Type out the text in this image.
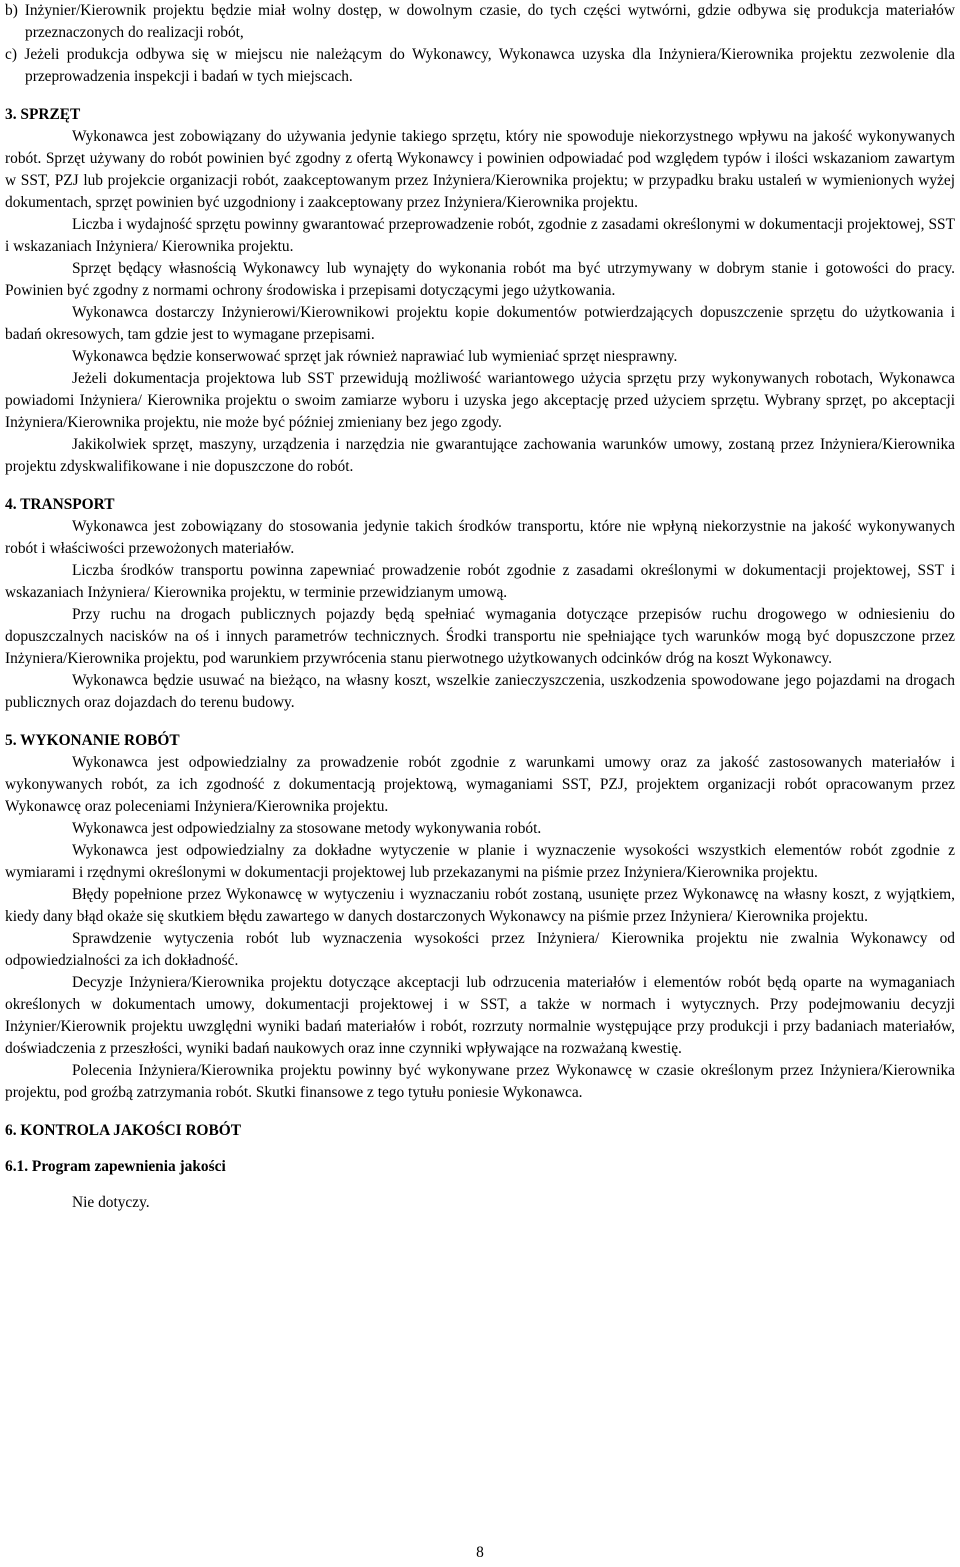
b) Inżynier/Kierownik projektu będzie miał wolny dostęp, w dowolnym czasie, do tych części wytwórni, gdzie odbywa się produkcja materiałów przeznaczonych do realizacji robót,

c) Jeżeli produkcja odbywa się w miejscu nie należącym do Wykonawcy, Wykonawca uzyska dla Inżyniera/Kierownika projektu zezwolenie dla przeprowadzenia inspekcji i badań w tych miejscach.

3. SPRZĘT

Wykonawca jest zobowiązany do używania jedynie takiego sprzętu, który nie spowoduje niekorzystnego wpływu na jakość wykonywanych robót. Sprzęt używany do robót powinien być zgodny z ofertą Wykonawcy i powinien odpowiadać pod względem typów i ilości wskazaniom zawartym w SST, PZJ lub projekcie organizacji robót, zaakceptowanym przez Inżyniera/Kierownika projektu; w przypadku braku ustaleń w wymienionych wyżej dokumentach, sprzęt powinien być uzgodniony i zaakceptowany przez Inżyniera/Kierownika projektu.

Liczba i wydajność sprzętu powinny gwarantować przeprowadzenie robót, zgodnie z zasadami określonymi w dokumentacji projektowej, SST i wskazaniach Inżyniera/ Kierownika projektu.

Sprzęt będący własnością Wykonawcy lub wynajęty do wykonania robót ma być utrzymywany w dobrym stanie i gotowości do pracy. Powinien być zgodny z normami ochrony środowiska i przepisami dotyczącymi jego użytkowania.

Wykonawca dostarczy Inżynierowi/Kierownikowi projektu kopie dokumentów potwierdzających dopuszczenie sprzętu do użytkowania i badań okresowych, tam gdzie jest to wymagane przepisami.

Wykonawca będzie konserwować sprzęt jak również naprawiać lub wymieniać sprzęt niesprawny.

Jeżeli dokumentacja projektowa lub SST przewidują możliwość wariantowego użycia sprzętu przy wykonywanych robotach, Wykonawca powiadomi Inżyniera/ Kierownika projektu o swoim zamiarze wyboru i uzyska jego akceptację przed użyciem sprzętu. Wybrany sprzęt, po akceptacji Inżyniera/Kierownika projektu, nie może być później zmieniany bez jego zgody.

Jakikolwiek sprzęt, maszyny, urządzenia i narzędzia nie gwarantujące zachowania warunków umowy, zostaną przez Inżyniera/Kierownika projektu zdyskwalifikowane i nie dopuszczone do robót.

4. TRANSPORT

Wykonawca jest zobowiązany do stosowania jedynie takich środków transportu, które nie wpłyną niekorzystnie na jakość wykonywanych robót i właściwości przewożonych materiałów.

Liczba środków transportu powinna zapewniać prowadzenie robót zgodnie z zasadami określonymi w dokumentacji projektowej, SST i wskazaniach Inżyniera/ Kierownika projektu, w terminie przewidzianym umową.

Przy ruchu na drogach publicznych pojazdy będą spełniać wymagania dotyczące przepisów ruchu drogowego w odniesieniu do dopuszczalnych nacisków na oś i innych parametrów technicznych. Środki transportu nie spełniające tych warunków mogą być dopuszczone przez Inżyniera/Kierownika projektu, pod warunkiem przywrócenia stanu pierwotnego użytkowanych odcinków dróg na koszt Wykonawcy.

Wykonawca będzie usuwać na bieżąco, na własny koszt, wszelkie zanieczyszczenia, uszkodzenia spowodowane jego pojazdami na drogach publicznych oraz dojazdach do terenu budowy.

5. WYKONANIE ROBÓT

Wykonawca jest odpowiedzialny za prowadzenie robót zgodnie z warunkami umowy oraz za jakość zastosowanych materiałów i wykonywanych robót, za ich zgodność z dokumentacją projektową, wymaganiami SST, PZJ, projektem organizacji robót opracowanym przez Wykonawcę oraz poleceniami Inżyniera/Kierownika projektu.

Wykonawca jest odpowiedzialny za stosowane metody wykonywania robót.

Wykonawca jest odpowiedzialny za dokładne wytyczenie w planie i wyznaczenie wysokości wszystkich elementów robót zgodnie z wymiarami i rzędnymi określonymi w dokumentacji projektowej lub przekazanymi na piśmie przez Inżyniera/Kierownika projektu.

Błędy popełnione przez Wykonawcę w wytyczeniu i wyznaczaniu robót zostaną, usunięte przez Wykonawcę na własny koszt, z wyjątkiem, kiedy dany błąd okaże się skutkiem błędu zawartego w danych dostarczonych Wykonawcy na piśmie przez Inżyniera/ Kierownika projektu.

Sprawdzenie wytyczenia robót lub wyznaczenia wysokości przez Inżyniera/ Kierownika projektu nie zwalnia Wykonawcy od odpowiedzialności za ich dokładność.

Decyzje Inżyniera/Kierownika projektu dotyczące akceptacji lub odrzucenia materiałów i elementów robót będą oparte na wymaganiach określonych w dokumentach umowy, dokumentacji projektowej i w SST, a także w normach i wytycznych. Przy podejmowaniu decyzji Inżynier/Kierownik projektu uwzględni wyniki badań materiałów i robót, rozrzuty normalnie występujące przy produkcji i przy badaniach materiałów, doświadczenia z przeszłości, wyniki badań naukowych oraz inne czynniki wpływające na rozważaną kwestię.

Polecenia Inżyniera/Kierownika projektu powinny być wykonywane przez Wykonawcę w czasie określonym przez Inżyniera/Kierownika projektu, pod groźbą zatrzymania robót. Skutki finansowe z tego tytułu poniesie Wykonawca.

6. KONTROLA JAKOŚCI ROBÓT

6.1. Program zapewnienia jakości

Nie dotyczy.

8
